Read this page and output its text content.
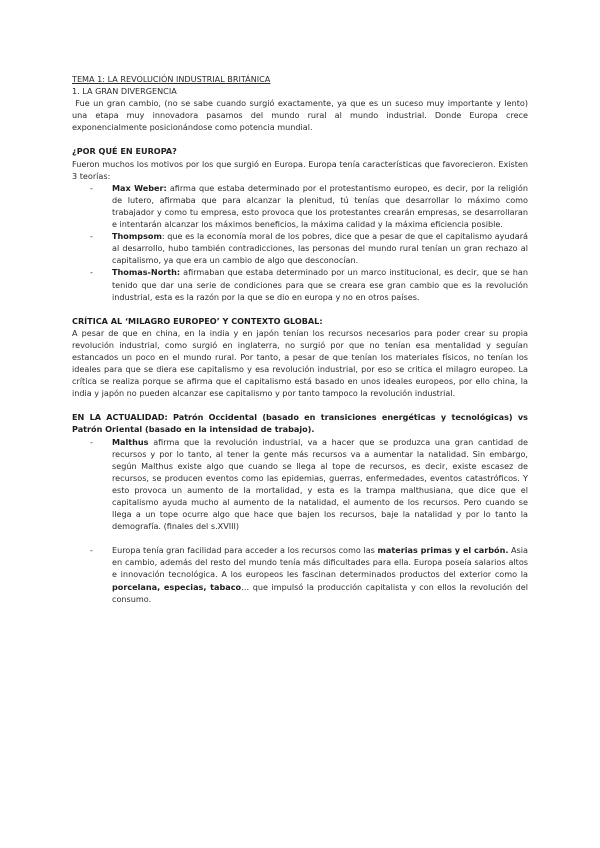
TEMA 1: LA REVOLUCIÓN INDUSTRIAL BRITÁNICA
1. LA GRAN DIVERGENCIA

Fue un gran cambio, (no se sabe cuando surgió exactamente, ya que es un suceso muy importante y lento) una etapa muy innovadora pasamos del mundo rural al mundo industrial. Donde Europa crece exponencialmente posicionándose como potencia mundial.

¿POR QUÉ EN EUROPA?

Fueron muchos los motivos por los que surgió en Europa. Europa tenía características que favorecieron. Existen 3 teorías:

- Max Weber: afirma que estaba determinado por el protestantismo europeo, es decir, por la religión de lutero, afirmaba que para alcanzar la plenitud, tú tenías que desarrollar lo máximo como trabajador y como tu empresa, esto provoca que los protestantes crearán empresas, se desarrollaran e intentarán alcanzar los máximos beneficios, la máxima calidad y la máxima eficiencia posible.
- Thompsom: que es la economía moral de los pobres, dice que a pesar de que el capitalismo ayudará al desarrollo, hubo también contradicciones, las personas del mundo rural tenían un gran rechazo al capitalismo, ya que era un cambio de algo que desconocían.
- Thomas-North: afirmaban que estaba determinado por un marco institucional, es decir, que se han tenido que dar una serie de condiciones para que se creara ese gran cambio que es la revolución industrial, esta es la razón por la que se dio en europa y no en otros países.
CRÍTICA AL ‘MILAGRO EUROPEO’ Y CONTEXTO GLOBAL:

A pesar de que en china, en la india y en japón tenían los recursos necesarios para poder crear su propia revolución industrial, como surgió en inglaterra, no surgió por que no tenían esa mentalidad y seguían estancados un poco en el mundo rural. Por tanto, a pesar de que tenían los materiales físicos, no tenían los ideales para que se diera ese capitalismo y esa revolución industrial, por eso se critica el milagro europeo. La crítica se realiza porque se afirma que el capitalismo está basado en unos ideales europeos, por ello china, la india y japón no pueden alcanzar ese capitalismo y por tanto tampoco la revolución industrial.

EN LA ACTUALIDAD: Patrón Occidental (basado en transiciones energéticas y tecnológicas) vs Patrón Oriental (basado en la intensidad de trabajo).
- Malthus afirma que la revolución industrial, va a hacer que se produzca una gran cantidad de recursos y por lo tanto, al tener la gente más recursos va a aumentar la natalidad. Sin embargo, según Malthus existe algo que cuando se llega al tope de recursos, es decir, existe escasez de recursos, se producen eventos como las epidemias, guerras, enfermedades, eventos catastróficos. Y esto provoca un aumento de la mortalidad, y esta es la trampa malthusiana, que dice que el capitalismo ayuda mucho al aumento de la natalidad, el aumento de los recursos. Pero cuando se llega a un tope ocurre algo que hace que bajen los recursos, baje la natalidad y por lo tanto la demografía. (finales del s.XVIII)
- Europa tenía gran facilidad para acceder a los recursos como las materias primas y el carbón. Asia en cambio, además del resto del mundo tenía más dificultades para ella. Europa poseía salarios altos e innovación tecnológica. A los europeos les fascinan determinados productos del exterior como la porcelana, especias, tabaco… que impulsó la producción capitalista y con ellos la revolución del consumo.
